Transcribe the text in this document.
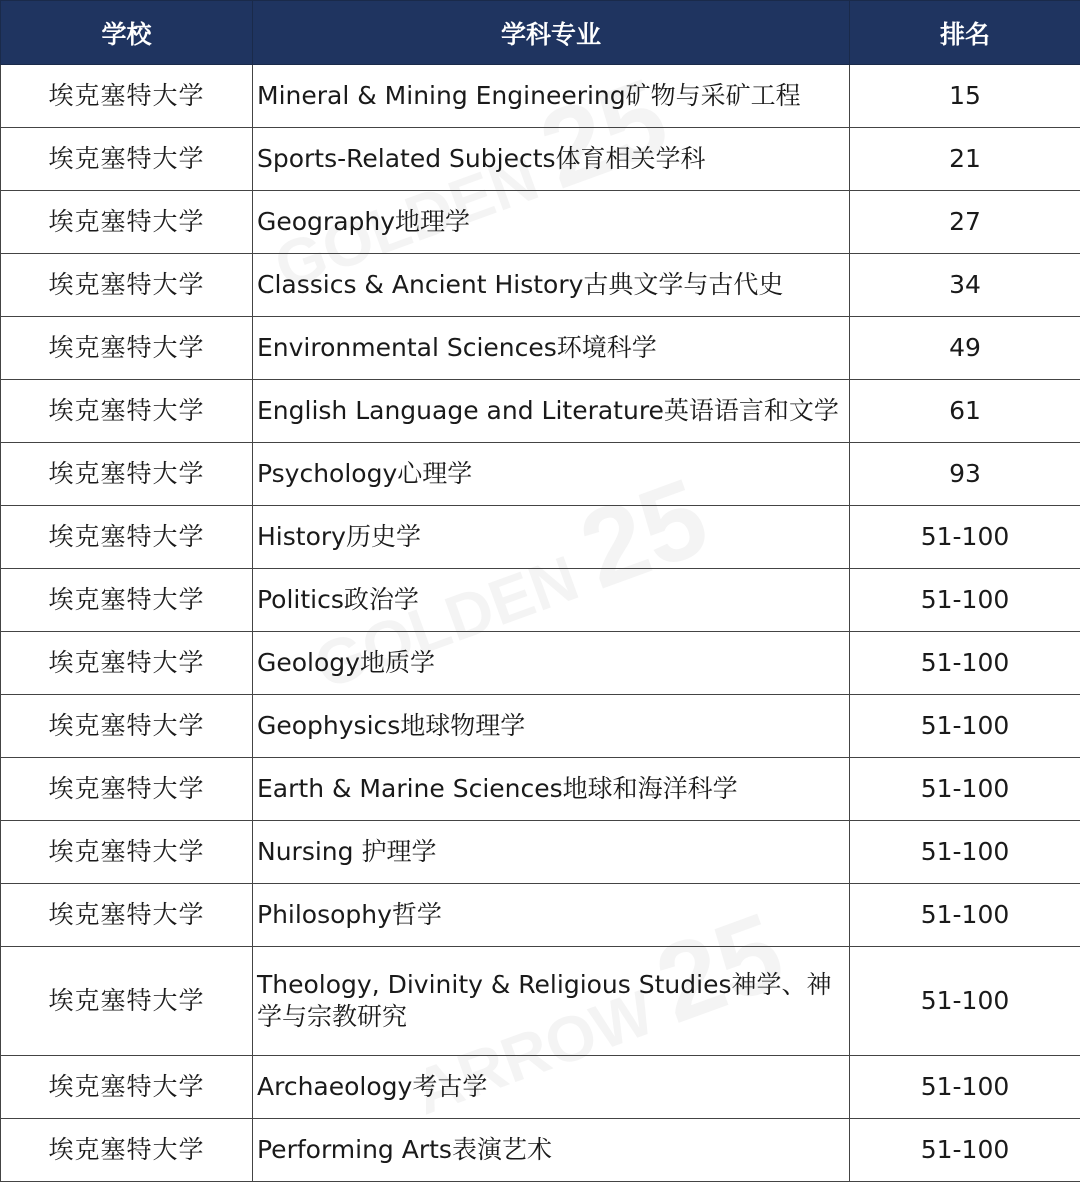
学校	学科专业	排名
埃克塞特大学	Mineral & Mining Engineering矿物与采矿工程	15
埃克塞特大学	Sports-Related Subjects体育相关学科	21
埃克塞特大学	Geography地理学	27
埃克塞特大学	Classics & Ancient History古典文学与古代史	34
埃克塞特大学	Environmental Sciences环境科学	49
埃克塞特大学	English Language and Literature英语语言和文学	61
埃克塞特大学	Psychology心理学	93
埃克塞特大学	History历史学	51-100
埃克塞特大学	Politics政治学	51-100
埃克塞特大学	Geology地质学	51-100
埃克塞特大学	Geophysics地球物理学	51-100
埃克塞特大学	Earth & Marine Sciences地球和海洋科学	51-100
埃克塞特大学	Nursing 护理学	51-100
埃克塞特大学	Philosophy哲学	51-100
埃克塞特大学	Theology, Divinity & Religious Studies神学、神学与宗教研究	51-100
埃克塞特大学	Archaeology考古学	51-100
埃克塞特大学	Performing Arts表演艺术	51-100
